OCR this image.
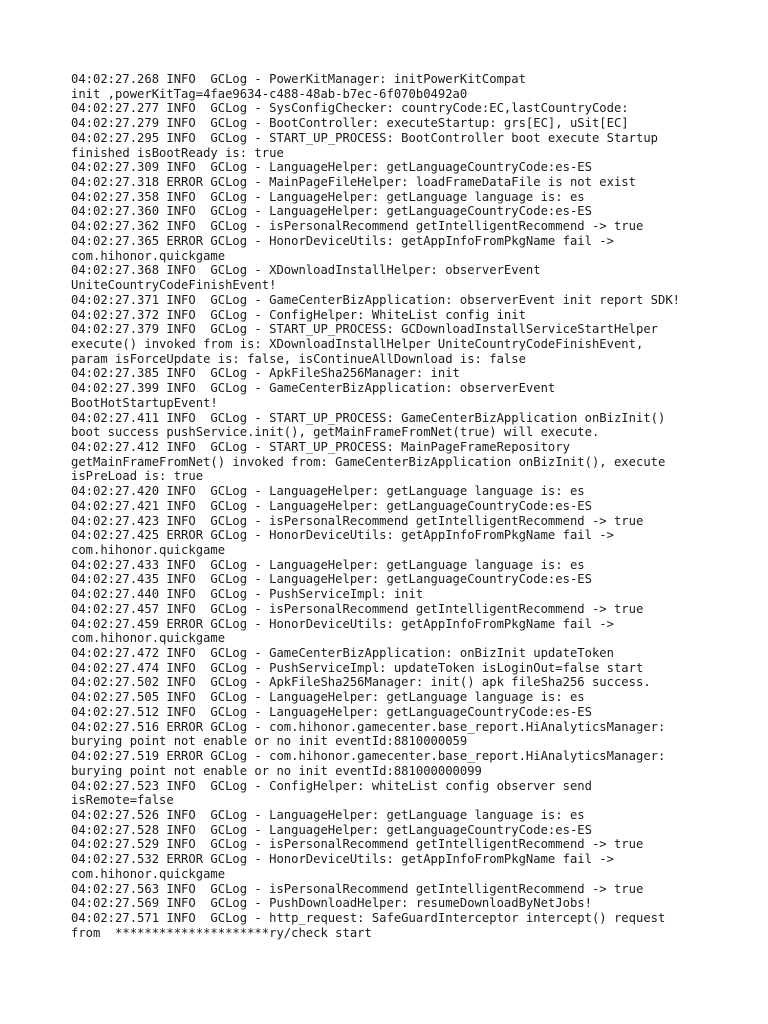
04:02:27.268 INFO  GCLog - PowerKitManager: initPowerKitCompat
init ,powerKitTag=4fae9634-c488-48ab-b7ec-6f070b0492a0
04:02:27.277 INFO  GCLog - SysConfigChecker: countryCode:EC,lastCountryCode:
04:02:27.279 INFO  GCLog - BootController: executeStartup: grs[EC], uSit[EC]
04:02:27.295 INFO  GCLog - START_UP_PROCESS: BootController boot execute Startup
finished isBootReady is: true
04:02:27.309 INFO  GCLog - LanguageHelper: getLanguageCountryCode:es-ES
04:02:27.318 ERROR GCLog - MainPageFileHelper: loadFrameDataFile is not exist
04:02:27.358 INFO  GCLog - LanguageHelper: getLanguage language is: es
04:02:27.360 INFO  GCLog - LanguageHelper: getLanguageCountryCode:es-ES
04:02:27.362 INFO  GCLog - isPersonalRecommend getIntelligentRecommend -> true
04:02:27.365 ERROR GCLog - HonorDeviceUtils: getAppInfoFromPkgName fail ->
com.hihonor.quickgame
04:02:27.368 INFO  GCLog - XDownloadInstallHelper: observerEvent
UniteCountryCodeFinishEvent!
04:02:27.371 INFO  GCLog - GameCenterBizApplication: observerEvent init report SDK!
04:02:27.372 INFO  GCLog - ConfigHelper: WhiteList config init
04:02:27.379 INFO  GCLog - START_UP_PROCESS: GCDownloadInstallServiceStartHelper
execute() invoked from is: XDownloadInstallHelper UniteCountryCodeFinishEvent,
param isForceUpdate is: false, isContinueAllDownload is: false
04:02:27.385 INFO  GCLog - ApkFileSha256Manager: init
04:02:27.399 INFO  GCLog - GameCenterBizApplication: observerEvent
BootHotStartupEvent!
04:02:27.411 INFO  GCLog - START_UP_PROCESS: GameCenterBizApplication onBizInit()
boot success pushService.init(), getMainFrameFromNet(true) will execute.
04:02:27.412 INFO  GCLog - START_UP_PROCESS: MainPageFrameRepository
getMainFrameFromNet() invoked from: GameCenterBizApplication onBizInit(), execute
isPreLoad is: true
04:02:27.420 INFO  GCLog - LanguageHelper: getLanguage language is: es
04:02:27.421 INFO  GCLog - LanguageHelper: getLanguageCountryCode:es-ES
04:02:27.423 INFO  GCLog - isPersonalRecommend getIntelligentRecommend -> true
04:02:27.425 ERROR GCLog - HonorDeviceUtils: getAppInfoFromPkgName fail ->
com.hihonor.quickgame
04:02:27.433 INFO  GCLog - LanguageHelper: getLanguage language is: es
04:02:27.435 INFO  GCLog - LanguageHelper: getLanguageCountryCode:es-ES
04:02:27.440 INFO  GCLog - PushServiceImpl: init
04:02:27.457 INFO  GCLog - isPersonalRecommend getIntelligentRecommend -> true
04:02:27.459 ERROR GCLog - HonorDeviceUtils: getAppInfoFromPkgName fail ->
com.hihonor.quickgame
04:02:27.472 INFO  GCLog - GameCenterBizApplication: onBizInit updateToken
04:02:27.474 INFO  GCLog - PushServiceImpl: updateToken isLoginOut=false start
04:02:27.502 INFO  GCLog - ApkFileSha256Manager: init() apk fileSha256 success.
04:02:27.505 INFO  GCLog - LanguageHelper: getLanguage language is: es
04:02:27.512 INFO  GCLog - LanguageHelper: getLanguageCountryCode:es-ES
04:02:27.516 ERROR GCLog - com.hihonor.gamecenter.base_report.HiAnalyticsManager:
burying point not enable or no init eventId:8810000059
04:02:27.519 ERROR GCLog - com.hihonor.gamecenter.base_report.HiAnalyticsManager:
burying point not enable or no init eventId:881000000099
04:02:27.523 INFO  GCLog - ConfigHelper: whiteList config observer send
isRemote=false
04:02:27.526 INFO  GCLog - LanguageHelper: getLanguage language is: es
04:02:27.528 INFO  GCLog - LanguageHelper: getLanguageCountryCode:es-ES
04:02:27.529 INFO  GCLog - isPersonalRecommend getIntelligentRecommend -> true
04:02:27.532 ERROR GCLog - HonorDeviceUtils: getAppInfoFromPkgName fail ->
com.hihonor.quickgame
04:02:27.563 INFO  GCLog - isPersonalRecommend getIntelligentRecommend -> true
04:02:27.569 INFO  GCLog - PushDownloadHelper: resumeDownloadByNetJobs!
04:02:27.571 INFO  GCLog - http_request: SafeGuardInterceptor intercept() request
from  *********************ry/check start
